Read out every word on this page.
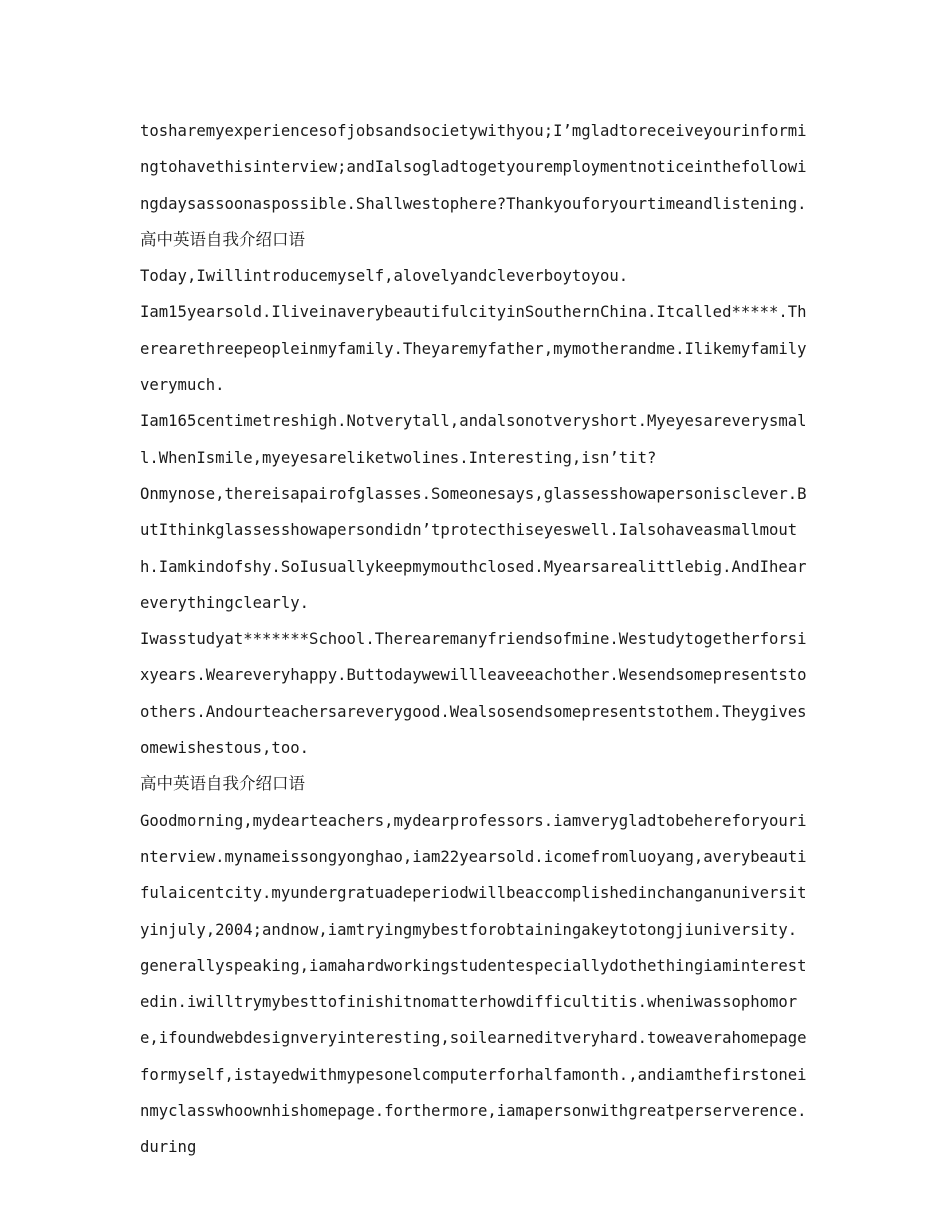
tosharemyexperiencesofjobsandsocietywithyou;I’mgladtoreceiveyourinformingtohavethisinterview;andIalsogladtogetyouremploymentnoticeinthefollowingdaysassoonaspossible.Shallwestophere?Thankyouforyourtimeandlistening.
高中英语自我介绍口语
Today,Iwillintroducemyself,alovelyandcleverboytoyou.
Iam15yearsold.IliveinaverybeautifulcityinSouthernChina.Itcalled*****.Therearethreepeopleinmyfamily.Theyaremyfather,mymotherandme.Ilikemyfamilyverymuch.
Iam165centimetreshigh.Notverytall,andalsonotveryshort.Myeyesareverysmall.WhenIsmile,myeyesareliketwolines.Interesting,isn’tit?
Onmynose,thereisapairofglasses.Someonesays,glassesshowapersonisclever.ButIthinkglassesshowapersondidn’tprotecthiseyeswell.Ialsohaveasmallmouth.Iamkindofshy.SoIusuallykeepmymouthclosed.Myearsarealittlebig.AndIheareverythingclearly.
Iwasstudyat*******School.Therearemanyfriendsofmine.Westudytogetherforsixyears.Weareveryhappy.Buttodaywewillleaveeachother.Wesendsomepresentstoothers.Andourteachersareverygood.Wealsosendsomepresentstothem.Theygivesomewishestous,too.
高中英语自我介绍口语
Goodmorning,mydearteachers,mydearprofessors.iamverygladtobehereforyourinterview.mynameissongyonghao,iam22yearsold.icomefromluoyang,averybeautifulaicentcity.myundergratuadeperiodwillbeaccomplishedinchanganuniversityinjuly,2004;andnow,iamtryingmybestforobtainingakeytotongjiuniversity.
generallyspeaking,iamahardworkingstudentespeciallydothethingiaminterestedin.iwilltrymybesttofinishitnomatterhowdifficultitis.wheniwassophomore,ifoundwebdesignveryinteresting,soilearneditveryhard.toweaverahomepageformyself,istayedwithmypesonelcomputerforhalfamonth.,andiamthefirstoneinmyclasswhoownhishomepage.forthermore,iamapersonwithgreatperserverence.during
